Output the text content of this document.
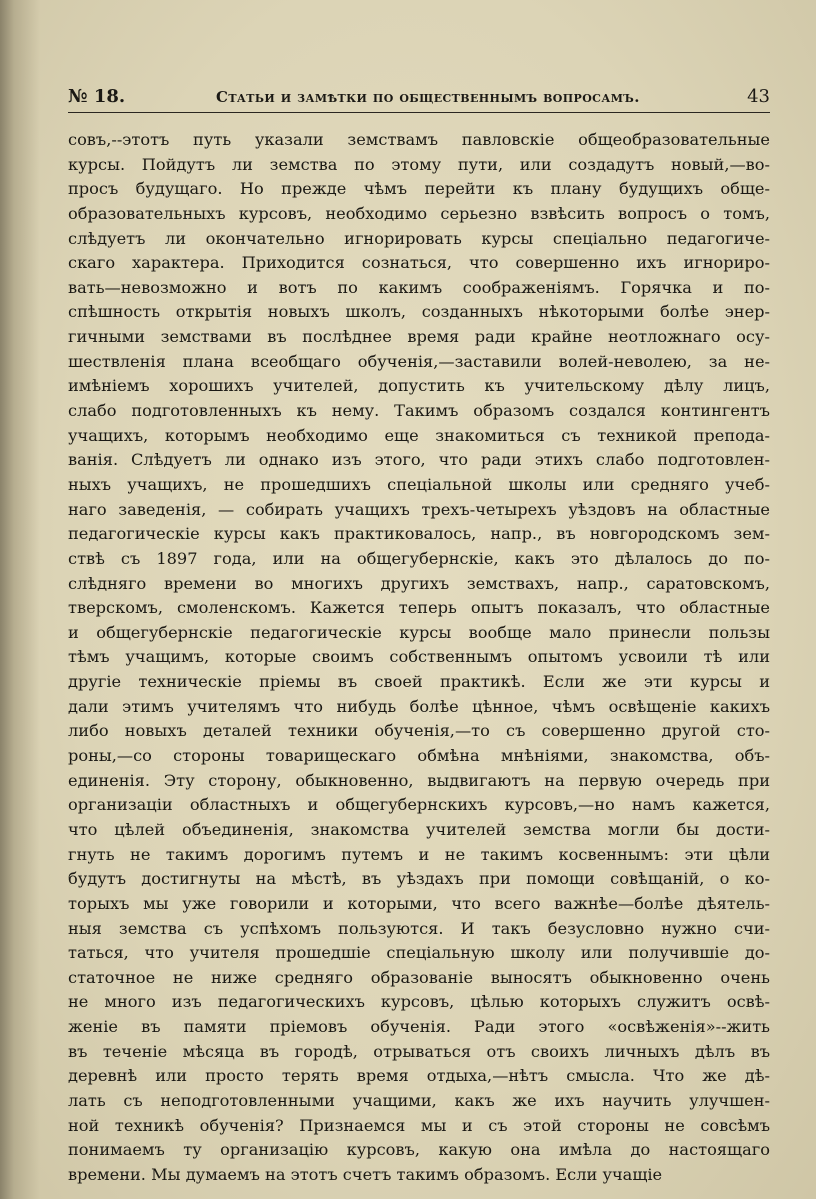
№ 18.	Статьи и замѣтки по общественнымъ вопросамъ.	43
совъ,--этотъ путь указали земствамъ павловскіе общеобразовательные
курсы. Пойдутъ ли земства по этому пути, или создадутъ новый,—во-
просъ будущаго. Но прежде чѣмъ перейти къ плану будущихъ обще-
образовательныхъ курсовъ, необходимо серьезно взвѣсить вопросъ о томъ,
слѣдуетъ ли окончательно игнорировать курсы спеціально педагогиче-
скаго характера. Приходится сознаться, что совершенно ихъ игнориро-
вать—невозможно и вотъ по какимъ соображеніямъ. Горячка и по-
спѣшность открытія новыхъ школъ, созданныхъ нѣкоторыми болѣе энер-
гичными земствами въ послѣднее время ради крайне неотложнаго осу-
шествленія плана всеобщаго обученія,—заставили волей-неволею, за не-
имѣніемъ хорошихъ учителей, допустить къ учительскому дѣлу лицъ,
слабо подготовленныхъ къ нему. Такимъ образомъ создался контингентъ
учащихъ, которымъ необходимо еще знакомиться съ техникой препода-
ванія. Слѣдуетъ ли однако изъ этого, что ради этихъ слабо подготовлен-
ныхъ учащихъ, не прошедшихъ спеціальной школы или средняго учеб-
наго заведенія, — собирать учащихъ трехъ-четырехъ уѣздовъ на областные
педагогическіе курсы какъ практиковалось, напр., въ новгородскомъ зем-
ствѣ съ 1897 года, или на общегубернскіе, какъ это дѣлалось до по-
слѣдняго времени во многихъ другихъ земствахъ, напр., саратовскомъ,
тверскомъ, смоленскомъ. Кажется теперь опытъ показалъ, что областные
и общегубернскіе педагогическіе курсы вообще мало принесли пользы
тѣмъ учащимъ, которые своимъ собственнымъ опытомъ усвоили тѣ или
другіе техническіе пріемы въ своей практикѣ. Если же эти курсы и
дали этимъ учителямъ что нибудь болѣе цѣнное, чѣмъ освѣщеніе какихъ
либо новыхъ деталей техники обученія,—то съ совершенно другой сто-
роны,—со стороны товарищескаго обмѣна мнѣніями, знакомства, объ-
единенія. Эту сторону, обыкновенно, выдвигаютъ на первую очередь при
организаціи областныхъ и общегубернскихъ курсовъ,—но намъ кажется,
что цѣлей объединенія, знакомства учителей земства могли бы дости-
гнуть не такимъ дорогимъ путемъ и не такимъ косвеннымъ: эти цѣли
будутъ достигнуты на мѣстѣ, въ уѣздахъ при помощи совѣщаній, о ко-
торыхъ мы уже говорили и которыми, что всего важнѣе—болѣе дѣятель-
ныя земства съ успѣхомъ пользуются. И такъ безусловно нужно счи-
таться, что учителя прошедшіе спеціальную школу или получившіе до-
статочное не ниже средняго образованіе выносятъ обыкновенно очень
не много изъ педагогическихъ курсовъ, цѣлью которыхъ служитъ освѣ-
женіе въ памяти пріемовъ обученія. Ради этого «освѣженія»--жить
въ теченіе мѣсяца въ городѣ, отрываться отъ своихъ личныхъ дѣлъ въ
деревнѣ или просто терять время отдыха,—нѣтъ смысла. Что же дѣ-
лать съ неподготовленными учащими, какъ же ихъ научить улучшен-
ной техникѣ обученія? Признаемся мы и съ этой стороны не совсѣмъ
понимаемъ ту организацію курсовъ, какую она имѣла до настоящаго
времени. Мы думаемъ на этотъ счетъ такимъ образомъ. Если учащіе
